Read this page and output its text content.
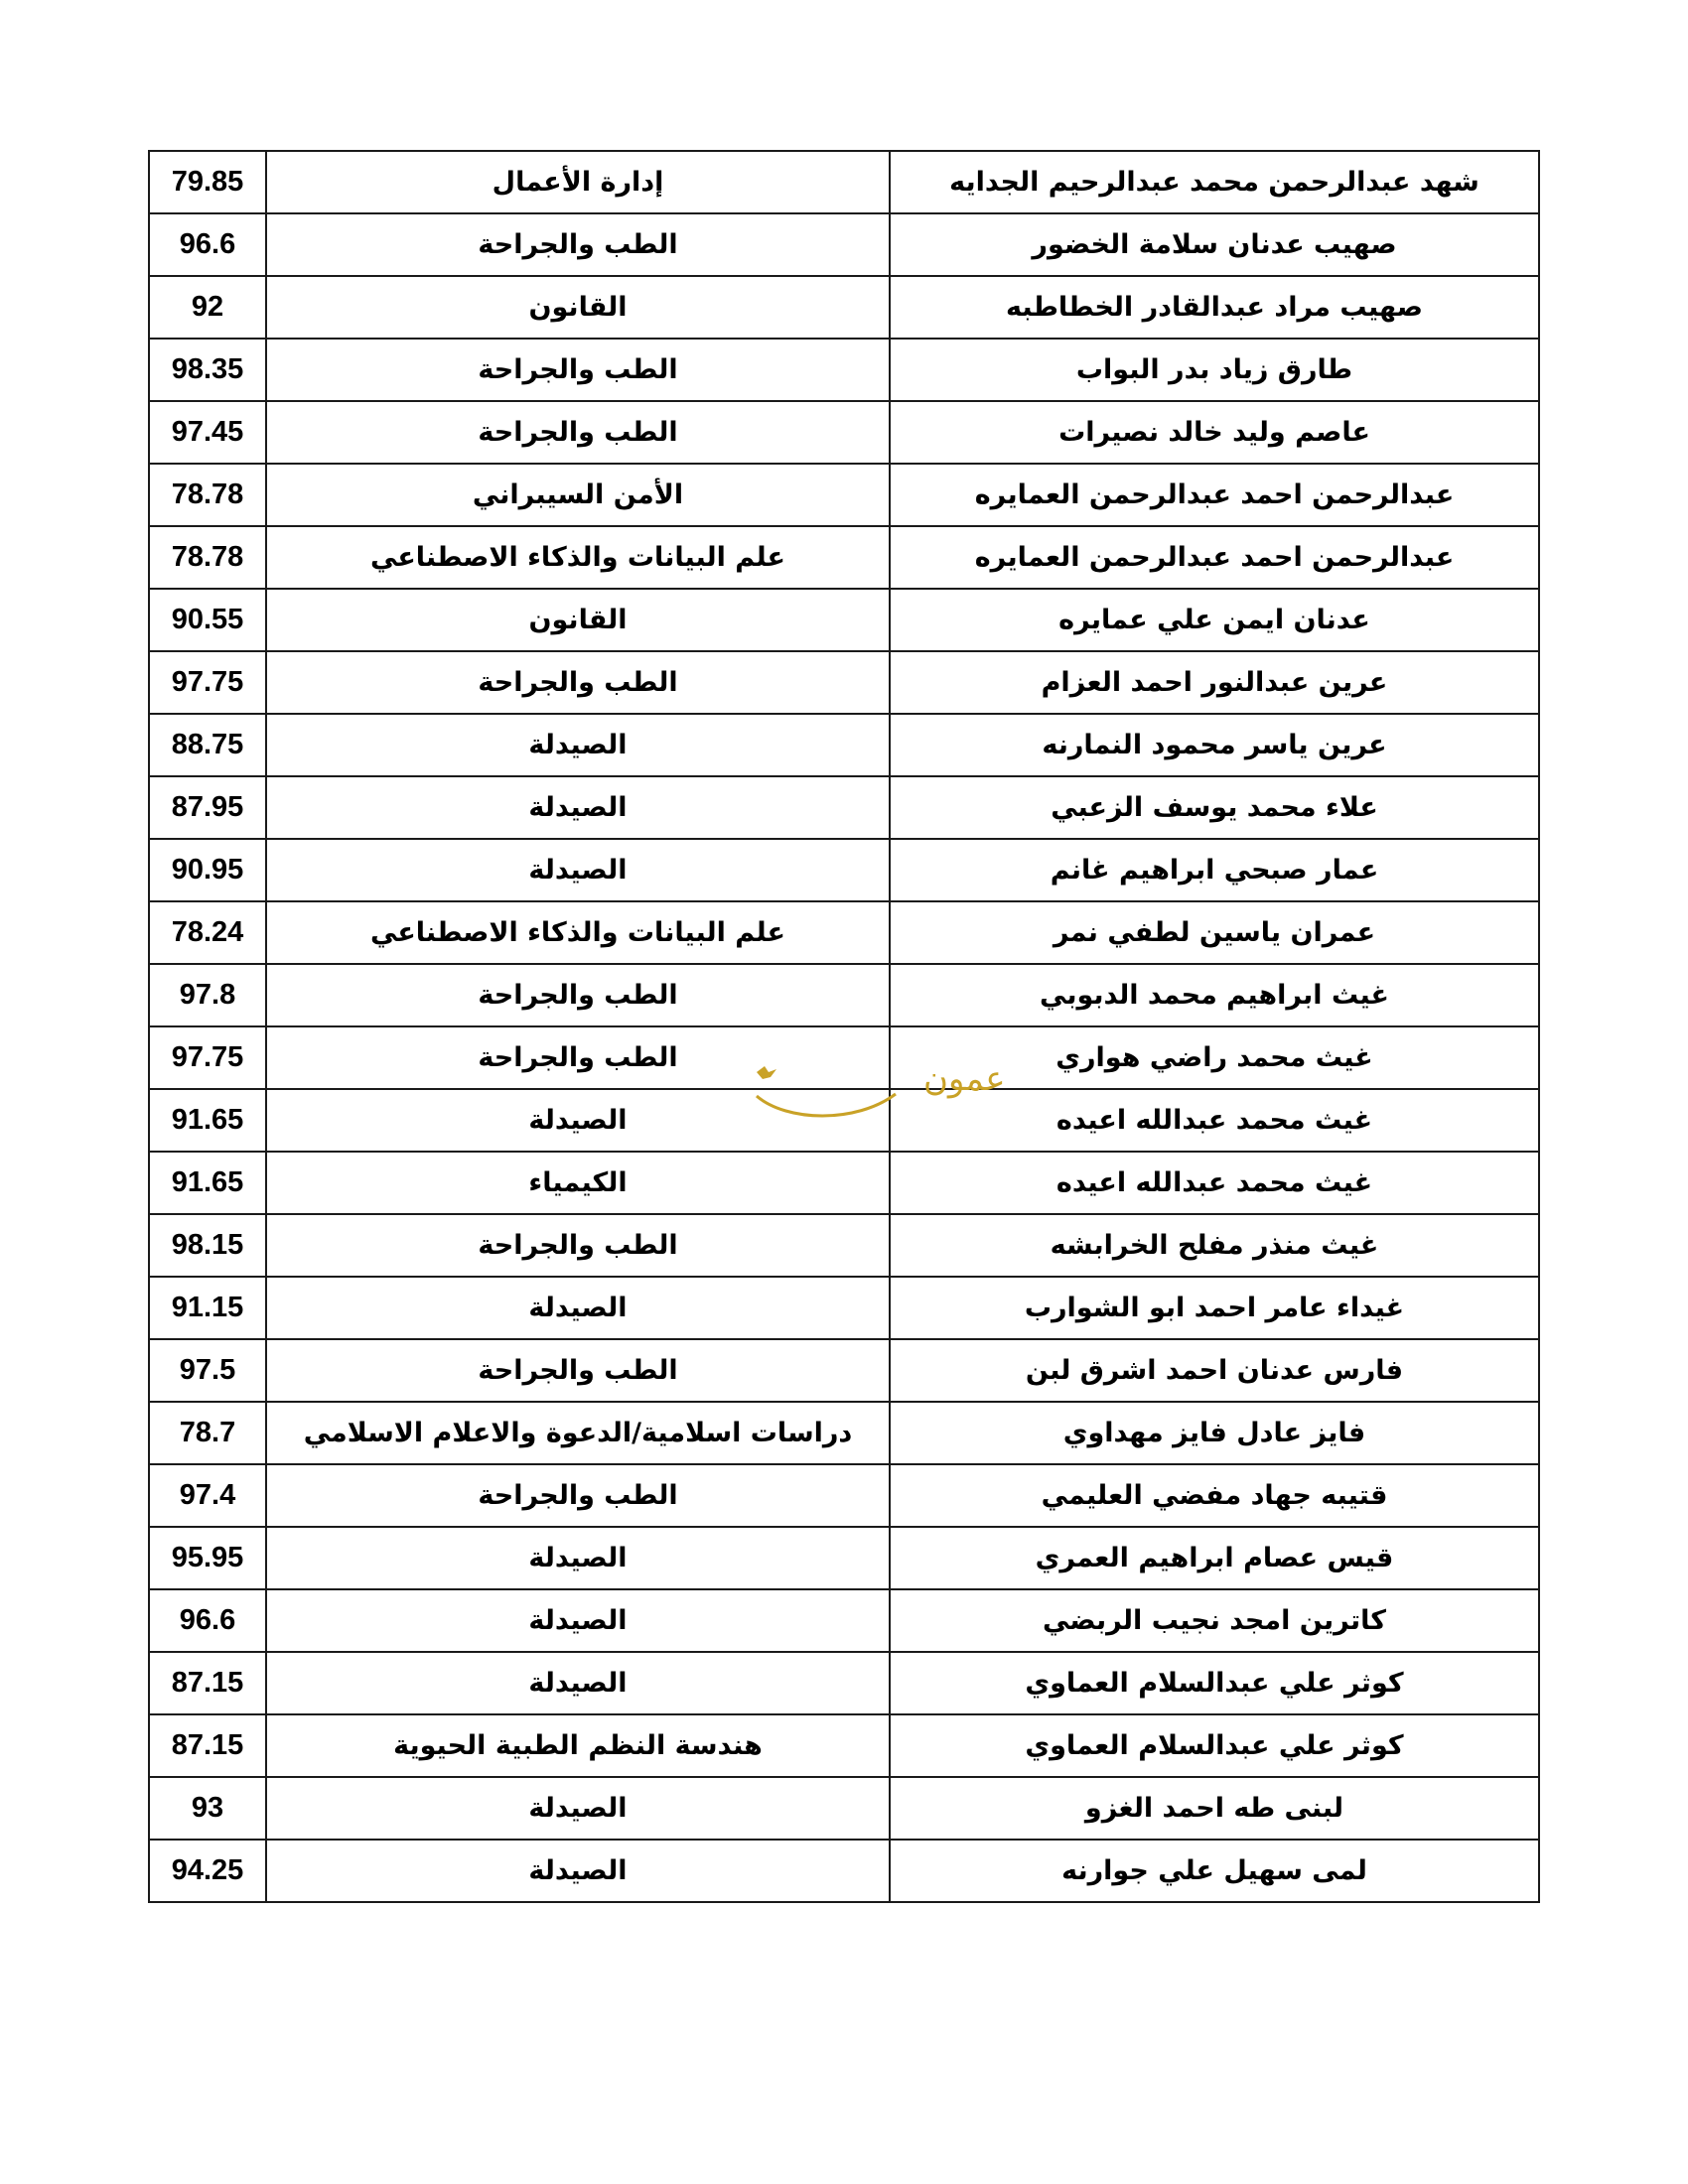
79.85	إدارة الأعمال	شهد عبدالرحمن محمد عبدالرحيم الجدايه
96.6	الطب والجراحة	صهيب عدنان سلامة الخضور
92	القانون	صهيب مراد عبدالقادر الخطاطبه
98.35	الطب والجراحة	طارق زياد بدر البواب
97.45	الطب والجراحة	عاصم وليد خالد نصيرات
78.78	الأمن السيبراني	عبدالرحمن احمد عبدالرحمن العمايره
78.78	علم البيانات والذكاء الاصطناعي	عبدالرحمن احمد عبدالرحمن العمايره
90.55	القانون	عدنان ايمن علي عمايره
97.75	الطب والجراحة	عرين عبدالنور احمد العزام
88.75	الصيدلة	عرين ياسر محمود النمارنه
87.95	الصيدلة	علاء محمد يوسف الزعبي
90.95	الصيدلة	عمار صبحي ابراهيم غانم
78.24	علم البيانات والذكاء الاصطناعي	عمران ياسين لطفي نمر
97.8	الطب والجراحة	غيث ابراهيم محمد الدبوبي
97.75	الطب والجراحة	غيث محمد راضي هواري
91.65	الصيدلة	غيث محمد عبدالله اعيده
91.65	الكيمياء	غيث محمد عبدالله اعيده
98.15	الطب والجراحة	غيث منذر مفلح الخرابشه
91.15	الصيدلة	غيداء عامر احمد ابو الشوارب
97.5	الطب والجراحة	فارس عدنان احمد اشرق لبن
78.7	دراسات اسلامية/الدعوة والاعلام الاسلامي	فايز عادل فايز مهداوي
97.4	الطب والجراحة	قتيبه جهاد مفضي العليمي
95.95	الصيدلة	قيس عصام ابراهيم العمري
96.6	الصيدلة	كاترين امجد نجيب الربضي
87.15	الصيدلة	كوثر علي عبدالسلام العماوي
87.15	هندسة النظم الطبية الحيوية	كوثر علي عبدالسلام العماوي
93	الصيدلة	لبنى طه احمد الغزو
94.25	الصيدلة	لمى سهيل علي جوارنه
عمون
